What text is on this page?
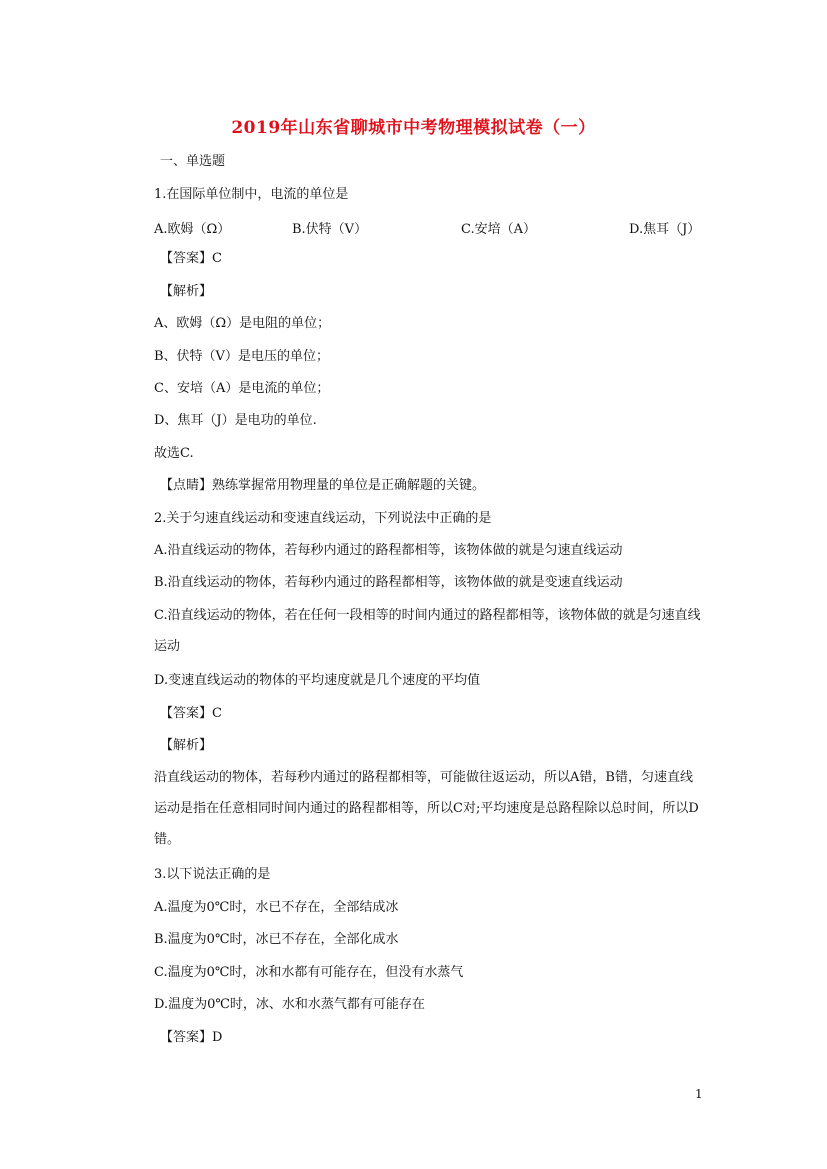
2019年山东省聊城市中考物理模拟试卷（一）
一、单选题
1.在国际单位制中，电流的单位是
A.欧姆（Ω）	B.伏特（V）	C.安培（A）	D.焦耳（J）
【答案】C
【解析】
A、欧姆（Ω）是电阻的单位；
B、伏特（V）是电压的单位；
C、安培（A）是电流的单位；
D、焦耳（J）是电功的单位.
故选C.
【点睛】熟练掌握常用物理量的单位是正确解题的关键。
2.关于匀速直线运动和变速直线运动，下列说法中正确的是
A.沿直线运动的物体，若每秒内通过的路程都相等，该物体做的就是匀速直线运动
B.沿直线运动的物体，若每秒内通过的路程都相等，该物体做的就是变速直线运动
C.沿直线运动的物体，若在任何一段相等的时间内通过的路程都相等，该物体做的就是匀速直线运动
D.变速直线运动的物体的平均速度就是几个速度的平均值
【答案】C
【解析】
沿直线运动的物体，若每秒内通过的路程都相等，可能做往返运动，所以A错，B错，匀速直线运动是指在任意相同时间内通过的路程都相等，所以C对;平均速度是总路程除以总时间，所以D错。
3.以下说法正确的是
A.温度为0℃时，水已不存在，全部结成冰
B.温度为0℃时，冰已不存在，全部化成水
C.温度为0℃时，冰和水都有可能存在，但没有水蒸气
D.温度为0℃时，冰、水和水蒸气都有可能存在
【答案】D
1
